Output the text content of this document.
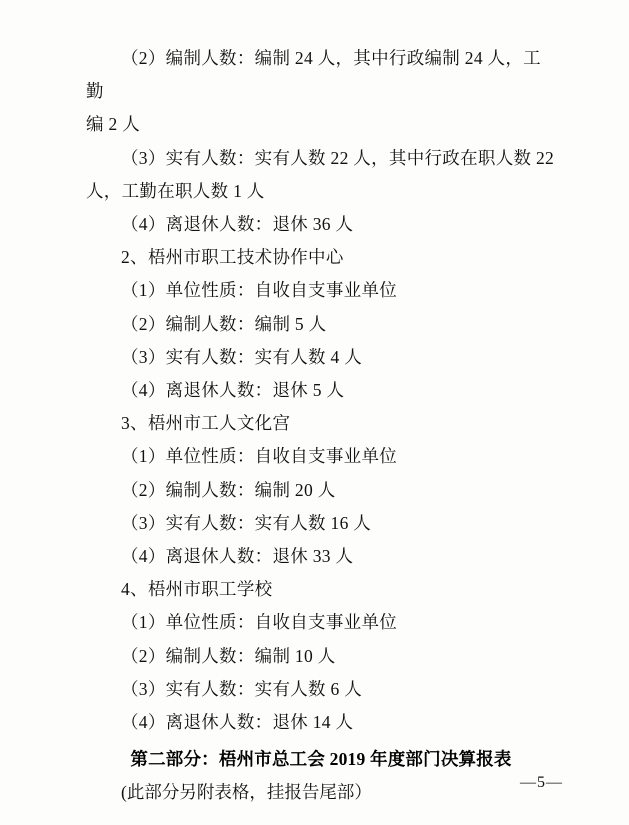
（2）编制人数：编制 24 人，其中行政编制 24 人，工勤
编 2 人
（3）实有人数：实有人数 22 人，其中行政在职人数 22
人，工勤在职人数 1 人
（4）离退休人数：退休 36 人
2、梧州市职工技术协作中心
（1）单位性质：自收自支事业单位
（2）编制人数：编制 5 人
（3）实有人数：实有人数 4 人
（4）离退休人数：退休 5 人
3、梧州市工人文化宫
（1）单位性质：自收自支事业单位
（2）编制人数：编制 20 人
（3）实有人数：实有人数 16 人
（4）离退休人数：退休 33 人
4、梧州市职工学校
（1）单位性质：自收自支事业单位
（2）编制人数：编制 10 人
（3）实有人数：实有人数 6 人
（4）离退休人数：退休 14 人
第二部分：梧州市总工会 2019 年度部门决算报表
(此部分另附表格，挂报告尾部）	—5—
